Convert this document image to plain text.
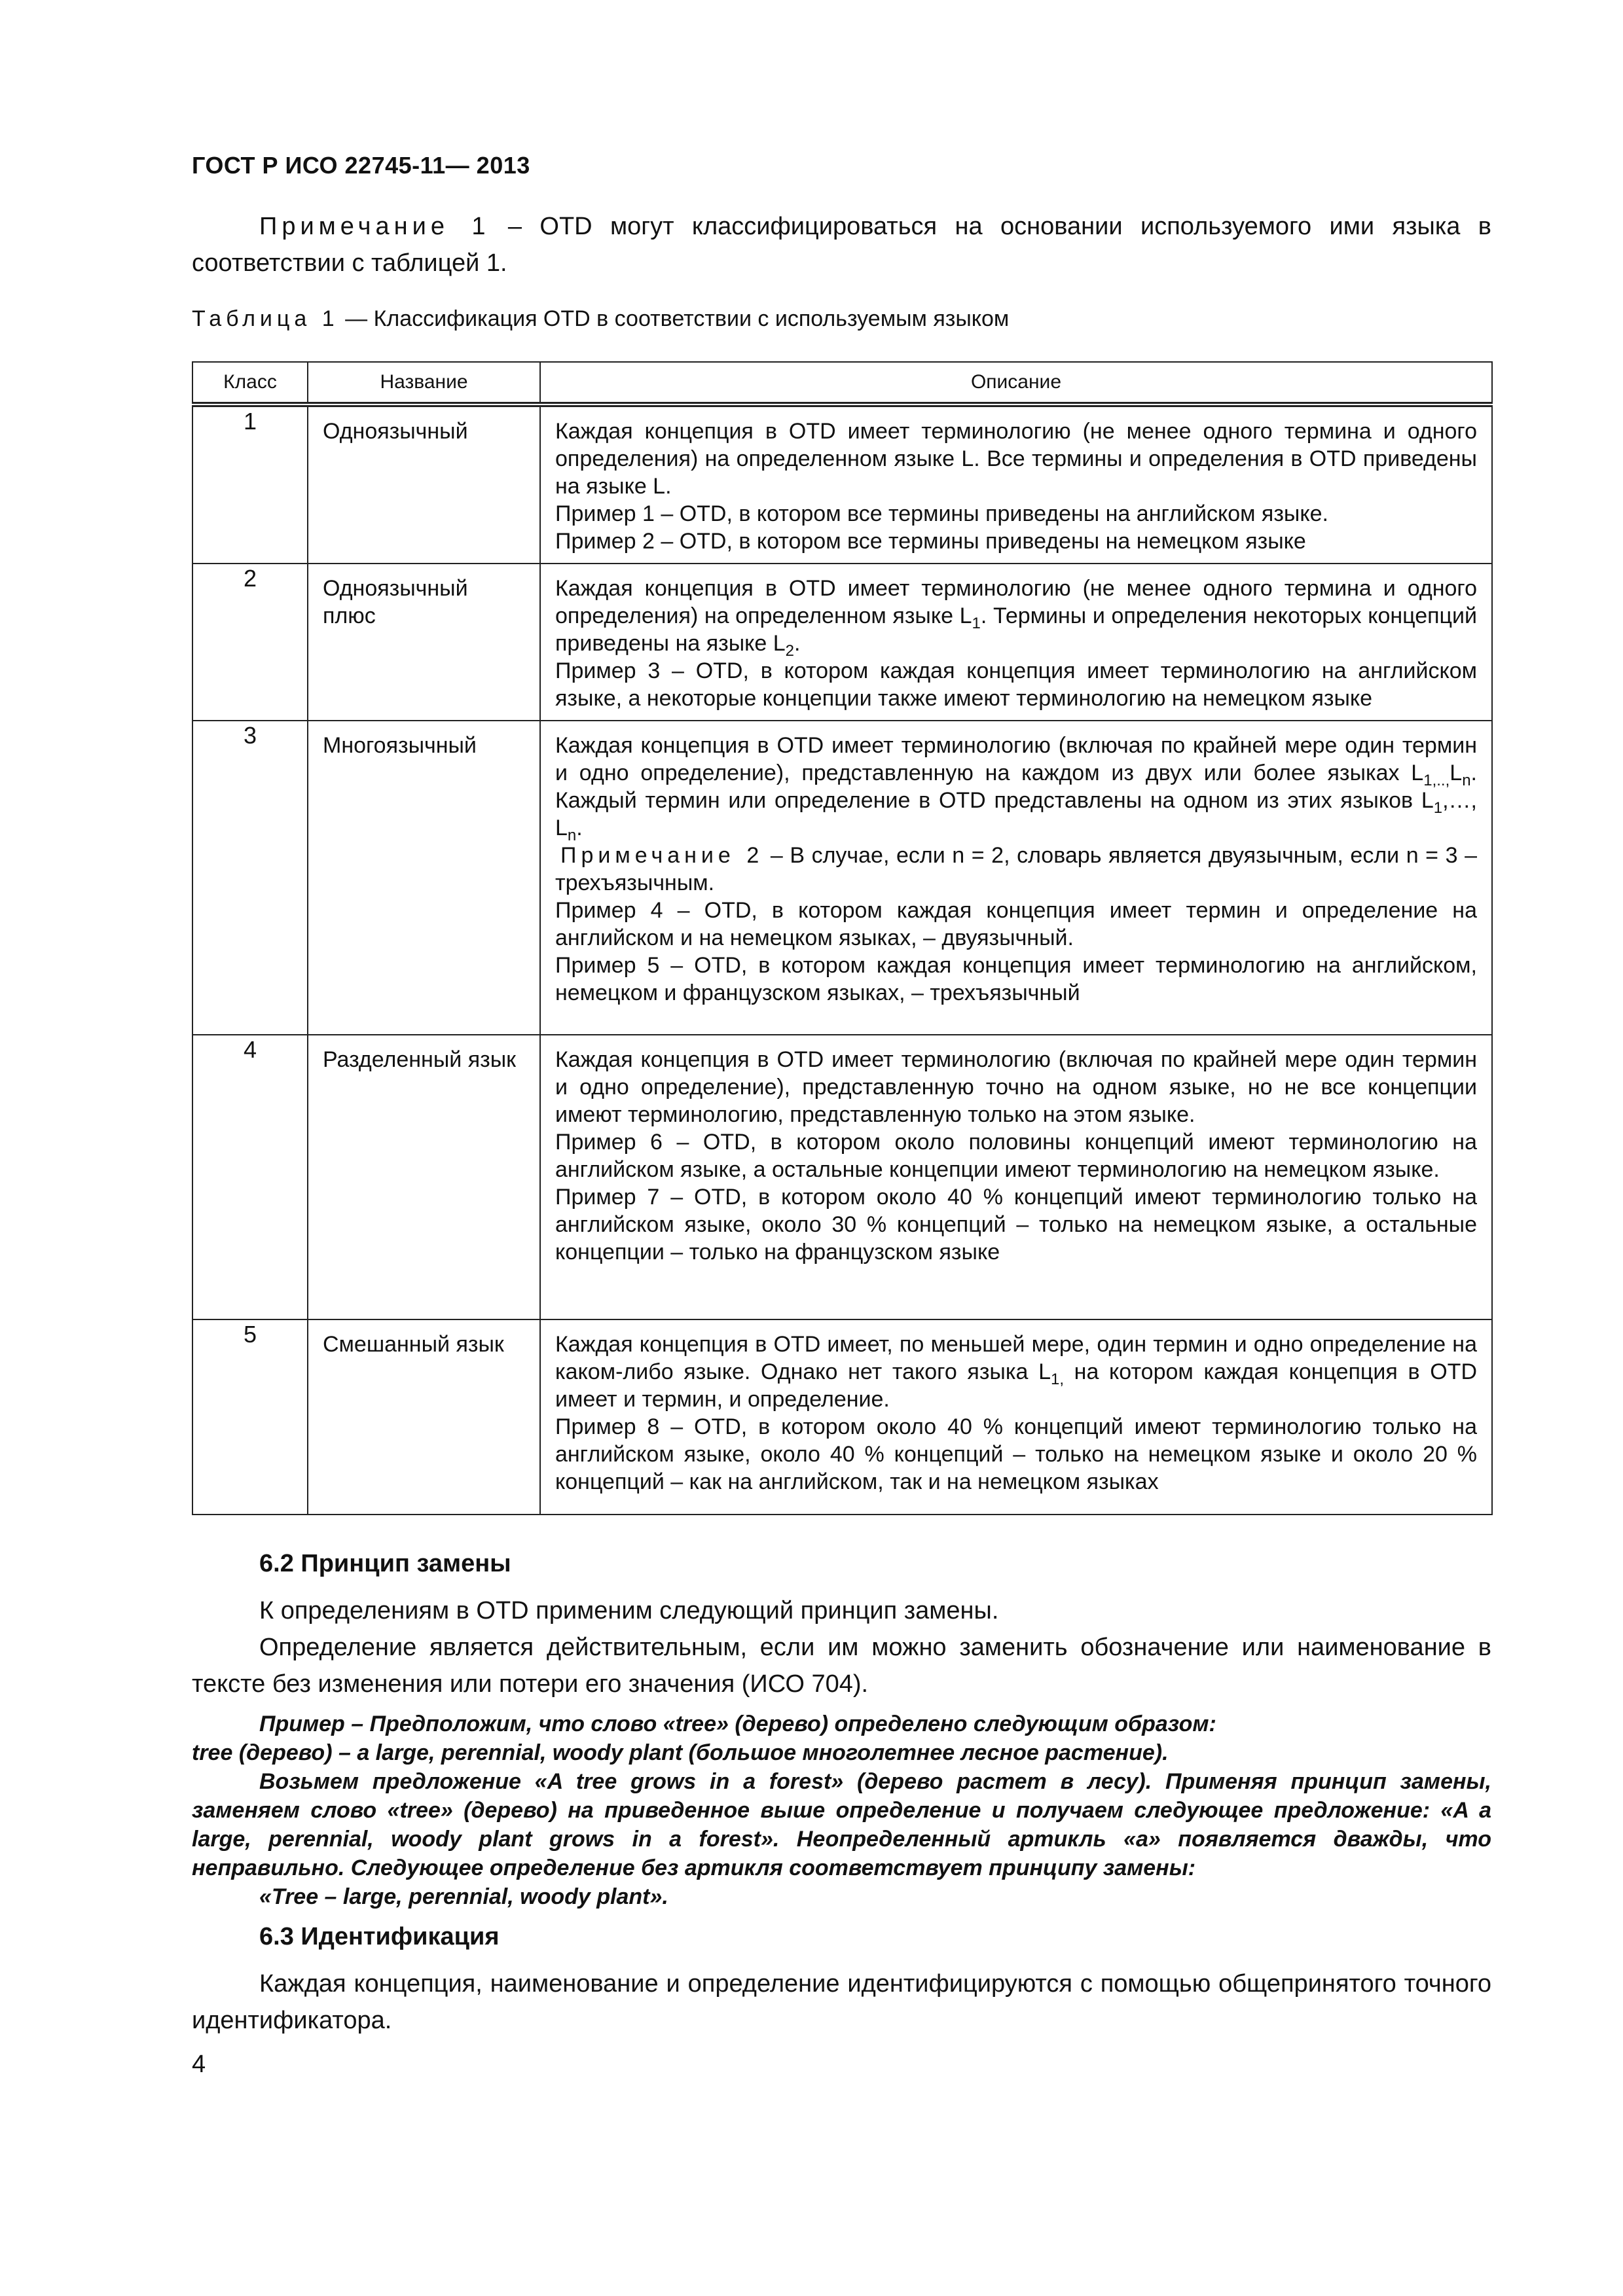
ГОСТ Р ИСО 22745-11— 2013
Примечание 1 – OTD могут классифицироваться на основании используемого ими языка в соответствии с таблицей 1.
Таблица 1 — Классификация OTD в соответствии с используемым языком
Класс	Название	Описание
1	Одноязычный	Каждая концепция в OTD имеет терминологию (не менее одного термина и одного определения) на определенном языке L. Все термины и определения в OTD приведены на языке L.

Пример 1 – OTD, в котором все термины приведены на английском языке.

Пример 2 – OTD, в котором все термины приведены на немецком языке

2	Одноязычный плюс	Каждая концепция в OTD имеет терминологию (не менее одного термина и одного определения) на определенном языке $L_1$. Термины и определения некоторых концепций приведены на языке $L_2$.

Пример 3 – OTD, в котором каждая концепция имеет терминологию на английском языке, а некоторые концепции также имеют терминологию на немецком языке

3	Многоязычный	Каждая концепция в OTD имеет терминологию (включая по крайней мере один термин и одно определение), представленную на каждом из двух или более языках $L_{1,..,}L_n$. Каждый термин или определение в OTD представлены на одном из этих языков $L_1,\dots$, $L_n$.

Примечание 2 – В случае, если n = 2, словарь является двуязычным, если n = 3 – трехъязычным.

Пример 4 – OTD, в котором каждая концепция имеет термин и определение на английском и на немецком языках, – двуязычный.

Пример 5 – OTD, в котором каждая концепция имеет терминологию на английском, немецком и французском языках, – трехъязычный

4	Разделенный язык	Каждая концепция в OTD имеет терминологию (включая по крайней мере один термин и одно определение), представленную точно на одном языке, но не все концепции имеют терминологию, представленную только на этом языке.

Пример 6 – OTD, в котором около половины концепций имеют терминологию на английском языке, а остальные концепции имеют терминологию на немецком языке.

Пример 7 – OTD, в котором около 40 % концепций имеют терминологию только на английском языке, около 30 % концепций – только на немецком языке, а остальные концепции – только на французском языке

5	Смешанный язык	Каждая концепция в OTD имеет, по меньшей мере, один термин и одно определение на каком-либо языке. Однако нет такого языка $L_{1,}$ на котором каждая концепция в OTD имеет и термин, и определение.

Пример 8 – OTD, в котором около 40 % концепций имеют терминологию только на английском языке, около 40 % концепций – только на немецком языке и около 20 % концепций – как на английском, так и на немецком языках

6.2 Принцип замены
К определениям в OTD применим следующий принцип замены.
Определение является действительным, если им можно заменить обозначение или наименование в тексте без изменения или потери его значения (ИСО 704).

Пример – Предположим, что слово «tree» (дерево) определено следующим образом:

tree (дерево) – a large, perennial, woody plant (большое многолетнее лесное растение).

Возьмем предложение «A tree grows in a forest» (дерево растет в лесу). Применяя принцип замены, заменяем слово «tree» (дерево) на приведенное выше определение и получаем следующее предложение: «A a large, perennial, woody plant grows in a forest». Неопределенный артикль «a» появляется дважды, что неправильно. Следующее определение без артикля соответствует принципу замены:

«Tree – large, perennial, woody plant».

6.3 Идентификация
Каждая концепция, наименование и определение идентифицируются с помощью общепринятого точного идентификатора.
4
